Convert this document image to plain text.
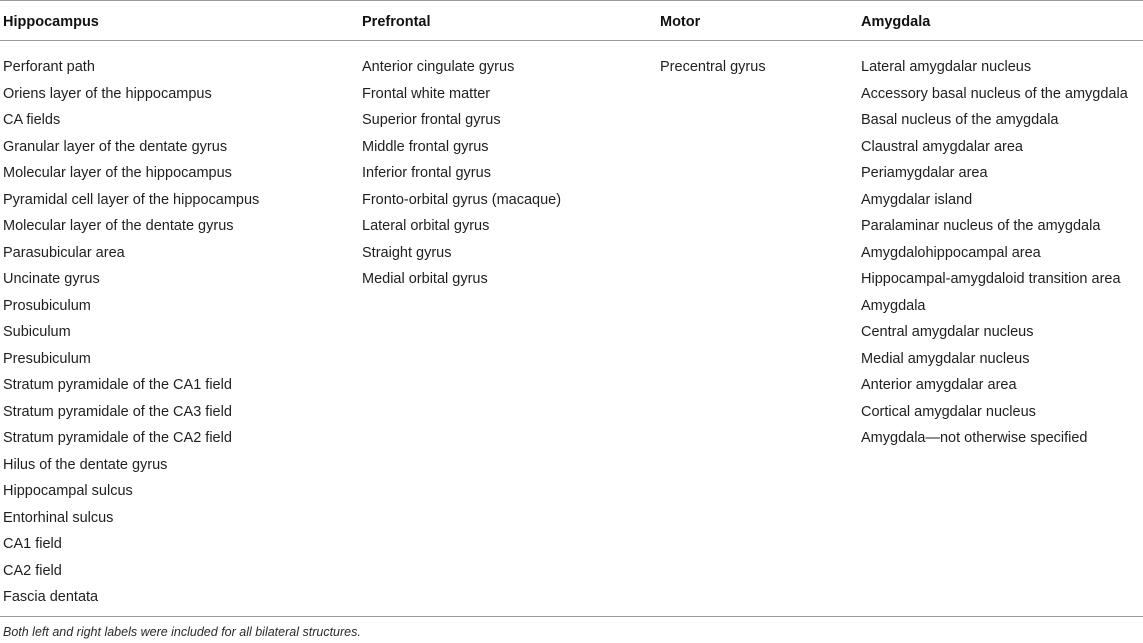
Hippocampus
Perforant path
Oriens layer of the hippocampus
CA fields
Granular layer of the dentate gyrus
Molecular layer of the hippocampus
Pyramidal cell layer of the hippocampus
Molecular layer of the dentate gyrus
Parasubicular area
Uncinate gyrus
Prosubiculum
Subiculum
Presubiculum
Stratum pyramidale of the CA1 field
Stratum pyramidale of the CA3 field
Stratum pyramidale of the CA2 field
Hilus of the dentate gyrus
Hippocampal sulcus
Entorhinal sulcus
CA1 field
CA2 field
Fascia dentata
Prefrontal
Anterior cingulate gyrus
Frontal white matter
Superior frontal gyrus
Middle frontal gyrus
Inferior frontal gyrus
Fronto-orbital gyrus (macaque)
Lateral orbital gyrus
Straight gyrus
Medial orbital gyrus
Motor
Precentral gyrus
Amygdala
Lateral amygdalar nucleus
Accessory basal nucleus of the amygdala
Basal nucleus of the amygdala
Claustral amygdalar area
Periamygdalar area
Amygdalar island
Paralaminar nucleus of the amygdala
Amygdalohippocampal area
Hippocampal-amygdaloid transition area
Amygdala
Central amygdalar nucleus
Medial amygdalar nucleus
Anterior amygdalar area
Cortical amygdalar nucleus
Amygdala—not otherwise specified
Both left and right labels were included for all bilateral structures.
